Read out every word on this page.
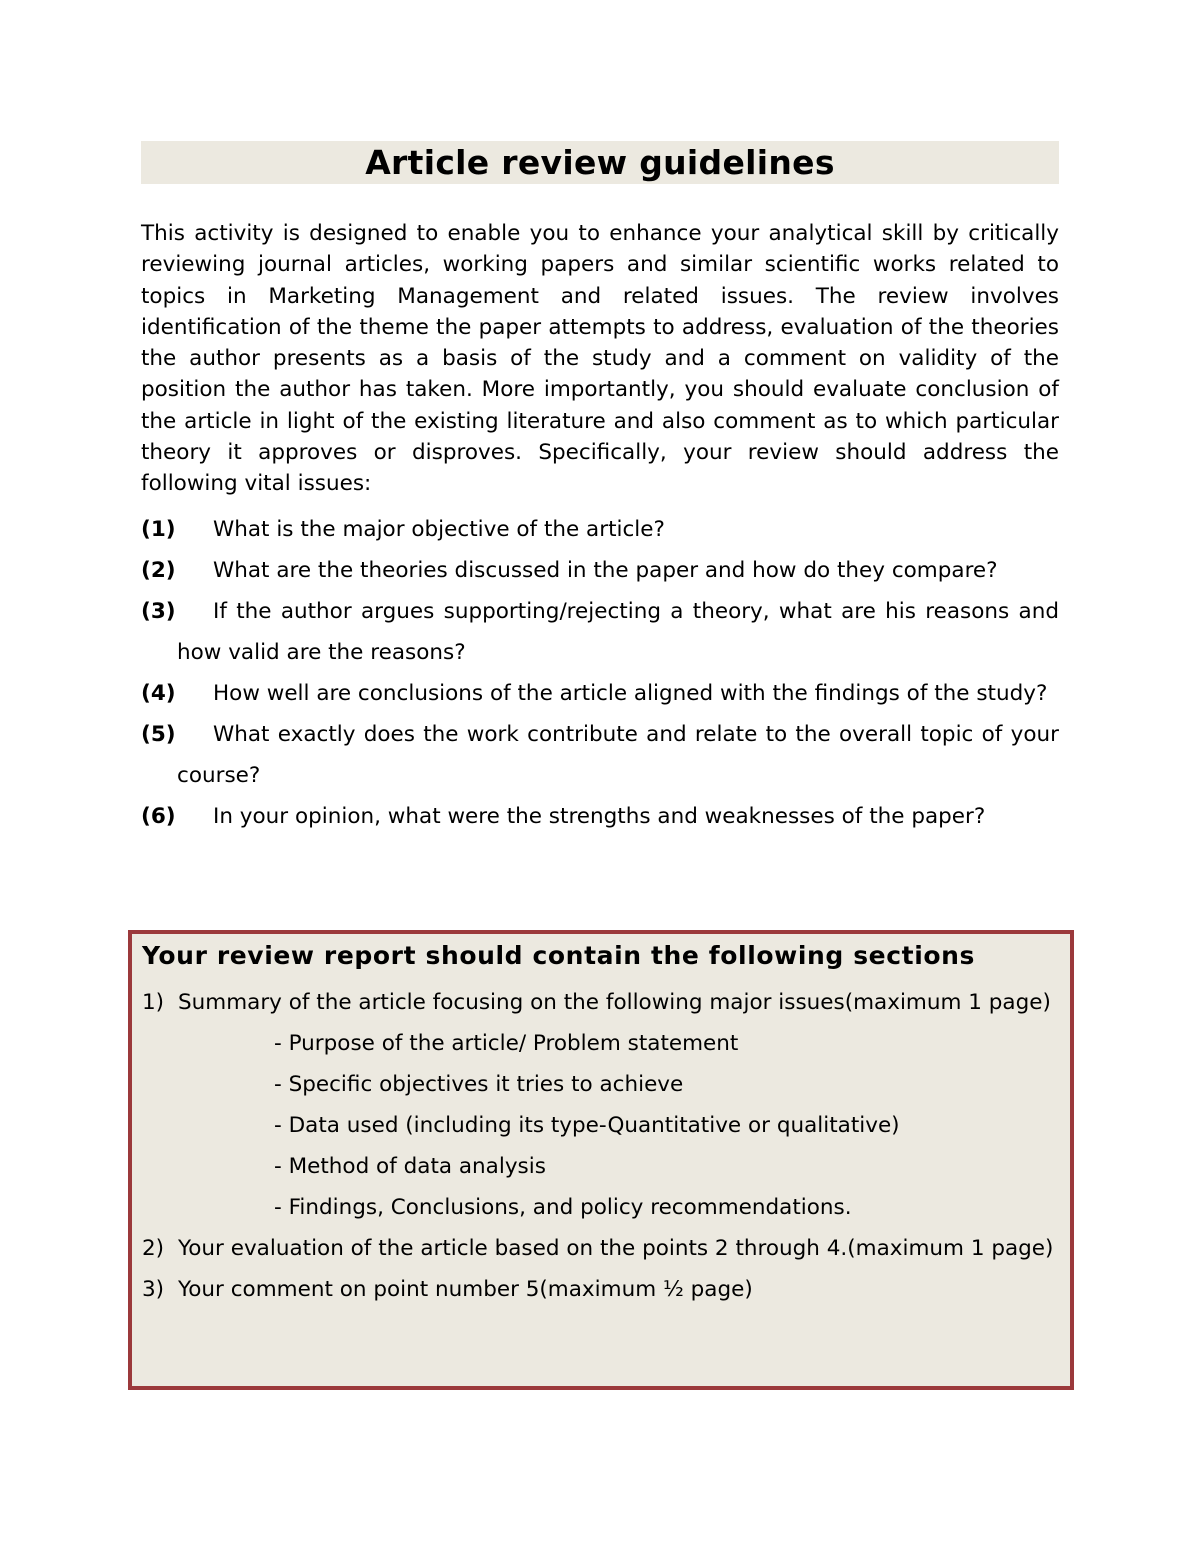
Article review guidelines

This activity is designed to enable you to enhance your analytical skill by critically reviewing journal articles, working papers and similar scientific works related to topics in Marketing Management and related issues. The review involves identification of the theme the paper attempts to address, evaluation of the theories the author presents as a basis of the study and a comment on validity of the position the author has taken. More importantly, you should evaluate conclusion of the article in light of the existing literature and also comment as to which particular theory it approves or disproves. Specifically, your review should address the following vital issues:

(1) What is the major objective of the article?
(2) What are the theories discussed in the paper and how do they compare?
(3) If the author argues supporting/rejecting a theory, what are his reasons and how valid are the reasons?
(4) How well are conclusions of the article aligned with the findings of the study?
(5) What exactly does the work contribute and relate to the overall topic of your course?
(6) In your opinion, what were the strengths and weaknesses of the paper?

Your review report should contain the following sections

1) Summary of the article focusing on the following major issues(maximum 1 page)
- Purpose of the article/ Problem statement
- Specific objectives it tries to achieve
- Data used (including its type-Quantitative or qualitative)
- Method of data analysis
- Findings, Conclusions, and policy recommendations.
2) Your evaluation of the article based on the points 2 through 4.(maximum 1 page)
3) Your comment on point number 5(maximum ½ page)
